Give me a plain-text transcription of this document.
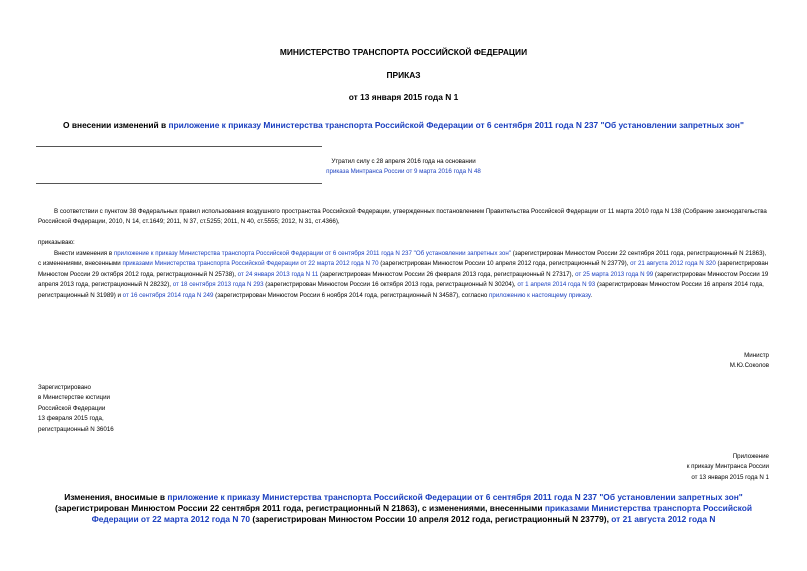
МИНИСТЕРСТВО ТРАНСПОРТА РОССИЙСКОЙ ФЕДЕРАЦИИ
ПРИКАЗ
от 13 января 2015 года N 1
О внесении изменений в приложение к приказу Министерства транспорта Российской Федерации от 6 сентября 2011 года N 237 "Об установлении запретных зон"
Утратил силу с 28 апреля 2016 года на основании
приказа Минтранса России от 9 марта 2016 года N 48
В соответствии с пунктом 38 Федеральных правил использования воздушного пространства Российской Федерации, утвержденных постановлением Правительства Российской Федерации от 11 марта 2010 года N 138 (Собрание законодательства Российской Федерации, 2010, N 14, ст.1649; 2011, N 37, ст.5255; 2011, N 40, ст.5555; 2012, N 31, ст.4366),
приказываю:
Внести изменения в приложение к приказу Министерства транспорта Российской Федерации от 6 сентября 2011 года N 237 "Об установлении запретных зон" (зарегистрирован Минюстом России 22 сентября 2011 года, регистрационный N 21863), с изменениями, внесенными приказами Министерства транспорта Российской Федерации от 22 марта 2012 года N 70 (зарегистрирован Минюстом России 10 апреля 2012 года, регистрационный N 23779), от 21 августа 2012 года N 320 (зарегистрирован Минюстом России 29 октября 2012 года, регистрационный N 25738), от 24 января 2013 года N 11 (зарегистрирован Минюстом России 26 февраля 2013 года, регистрационный N 27317), от 25 марта 2013 года N 99 (зарегистрирован Минюстом России 19 апреля 2013 года, регистрационный N 28232), от 18 сентября 2013 года N 293 (зарегистрирован Минюстом России 16 октября 2013 года, регистрационный N 30204), от 1 апреля 2014 года N 93 (зарегистрирован Минюстом России 16 апреля 2014 года, регистрационный N 31989) и от 16 сентября 2014 года N 249 (зарегистрирован Минюстом России 6 ноября 2014 года, регистрационный N 34587), согласно приложению к настоящему приказу.
Министр
М.Ю.Соколов
Зарегистрировано
в Министерстве юстиции
Российской Федерации
13 февраля 2015 года,
регистрационный N 36016
Приложение
к приказу Минтранса России
от 13 января 2015 года N 1
Изменения, вносимые в приложение к приказу Министерства транспорта Российской Федерации от 6 сентября 2011 года N 237 "Об установлении запретных зон" (зарегистрирован Минюстом России 22 сентября 2011 года, регистрационный N 21863), с изменениями, внесенными приказами Министерства транспорта Российской Федерации от 22 марта 2012 года N 70 (зарегистрирован Минюстом России 10 апреля 2012 года, регистрационный N 23779), от 21 августа 2012 года N
